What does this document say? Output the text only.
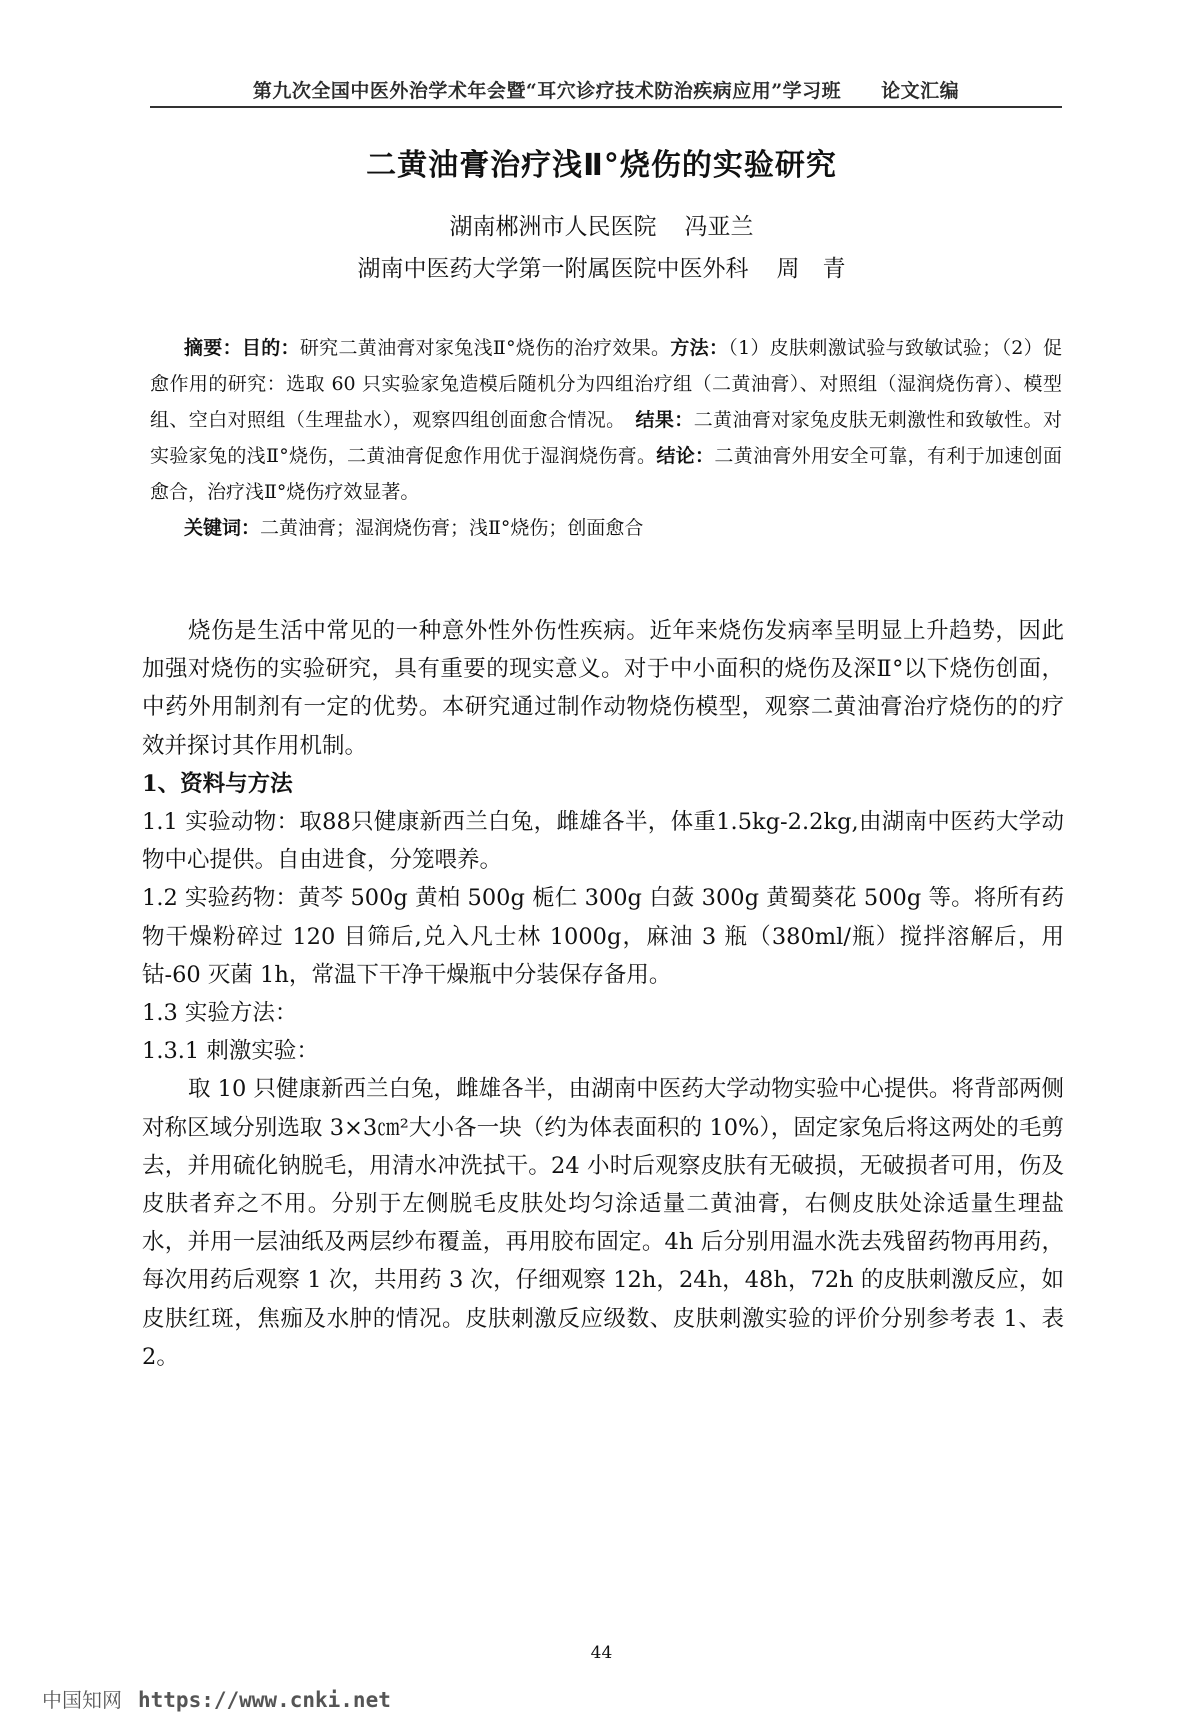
第九次全国中医外治学术年会暨“耳穴诊疗技术防治疾病应用”学习班 论文汇编
二黄油膏治疗浅Ⅱ°烧伤的实验研究
湖南郴洲市人民医院 冯亚兰
湖南中医药大学第一附属医院中医外科 周　青

摘要：目的：研究二黄油膏对家兔浅Ⅱ°烧伤的治疗效果。方法：（1）皮肤刺激试验与致敏试验；（2）促愈作用的研究：选取 60 只实验家兔造模后随机分为四组治疗组（二黄油膏）、对照组（湿润烧伤膏）、模型组、空白对照组（生理盐水），观察四组创面愈合情况。　 结果：二黄油膏对家兔皮肤无刺激性和致敏性。对实验家兔的浅Ⅱ°烧伤，二黄油膏促愈作用优于湿润烧伤膏。结论：二黄油膏外用安全可靠，有利于加速创面愈合，治疗浅Ⅱ°烧伤疗效显著。

关键词：二黄油膏；湿润烧伤膏；浅Ⅱ°烧伤；创面愈合

烧伤是生活中常见的一种意外性外伤性疾病。近年来烧伤发病率呈明显上升趋势，因此加强对烧伤的实验研究，具有重要的现实意义。对于中小面积的烧伤及深Ⅱ°以下烧伤创面，中药外用制剂有一定的优势。本研究通过制作动物烧伤模型，观察二黄油膏治疗烧伤的的疗效并探讨其作用机制。

1、资料与方法

1.1 实验动物：取88只健康新西兰白兔，雌雄各半，体重1.5kg-2.2kg,由湖南中医药大学动物中心提供。自由进食，分笼喂养。

1.2 实验药物：黄芩 500g 黄柏 500g 栀仁 300g 白蔹 300g 黄蜀葵花 500g 等。将所有药物干燥粉碎过 120 目筛后,兑入凡士林 1000g，麻油 3 瓶（380ml/瓶）搅拌溶解后，用钴-60 灭菌 1h，常温下干净干燥瓶中分装保存备用。

1.3 实验方法：

1.3.1 刺激实验：

取 10 只健康新西兰白兔，雌雄各半，由湖南中医药大学动物实验中心提供。将背部两侧对称区域分别选取 3×3㎝²大小各一块（约为体表面积的 10%），固定家兔后将这两处的毛剪去，并用硫化钠脱毛，用清水冲洗拭干。24 小时后观察皮肤有无破损，无破损者可用，伤及皮肤者弃之不用。分别于左侧脱毛皮肤处均匀涂适量二黄油膏，右侧皮肤处涂适量生理盐水，并用一层油纸及两层纱布覆盖，再用胶布固定。4h 后分别用温水洗去残留药物再用药，每次用药后观察 1 次，共用药 3 次，仔细观察 12h，24h，48h，72h 的皮肤刺激反应，如皮肤红斑，焦痂及水肿的情况。皮肤刺激反应级数、皮肤刺激实验的评价分别参考表 1、表 2。

44
中国知网 https://www.cnki.net
